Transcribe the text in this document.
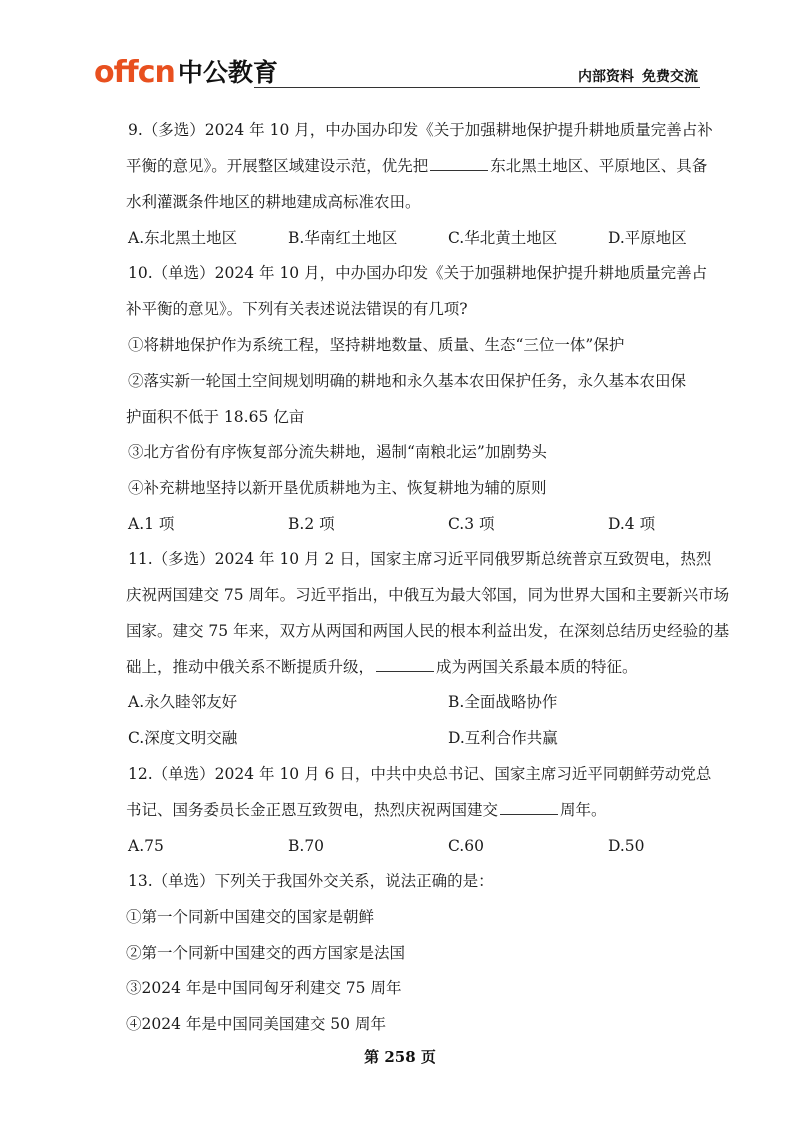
offcn 中公教育	内部资料 免费交流
9.（多选）2024 年 10 月，中办国办印发《关于加强耕地保护提升耕地质量完善占补
平衡的意见》。开展整区域建设示范，优先把	东北黑土地区、平原地区、具备
水利灌溉条件地区的耕地建成高标准农田。
A.东北黑土地区	B.华南红土地区	C.华北黄土地区	D.平原地区
10.（单选）2024 年 10 月，中办国办印发《关于加强耕地保护提升耕地质量完善占
补平衡的意见》。下列有关表述说法错误的有几项?
①将耕地保护作为系统工程，坚持耕地数量、质量、生态“三位一体”保护
②落实新一轮国土空间规划明确的耕地和永久基本农田保护任务，永久基本农田保
护面积不低于 18.65 亿亩
③北方省份有序恢复部分流失耕地，遏制“南粮北运”加剧势头
④补充耕地坚持以新开垦优质耕地为主、恢复耕地为辅的原则
A.1 项	B.2 项	C.3 项	D.4 项
11.（多选）2024 年 10 月 2 日，国家主席习近平同俄罗斯总统普京互致贺电，热烈
庆祝两国建交 75 周年。习近平指出，中俄互为最大邻国，同为世界大国和主要新兴市场
国家。建交 75 年来，双方从两国和两国人民的根本利益出发，在深刻总结历史经验的基
础上，推动中俄关系不断提质升级，	成为两国关系最本质的特征。
A.永久睦邻友好	B.全面战略协作
C.深度文明交融	D.互利合作共赢
12.（单选）2024 年 10 月 6 日，中共中央总书记、国家主席习近平同朝鲜劳动党总
书记、国务委员长金正恩互致贺电，热烈庆祝两国建交	周年。
A.75	B.70	C.60	D.50
13.（单选）下列关于我国外交关系，说法正确的是：
①第一个同新中国建交的国家是朝鲜
②第一个同新中国建交的西方国家是法国
③2024 年是中国同匈牙利建交 75 周年
④2024 年是中国同美国建交 50 周年
第 258 页
